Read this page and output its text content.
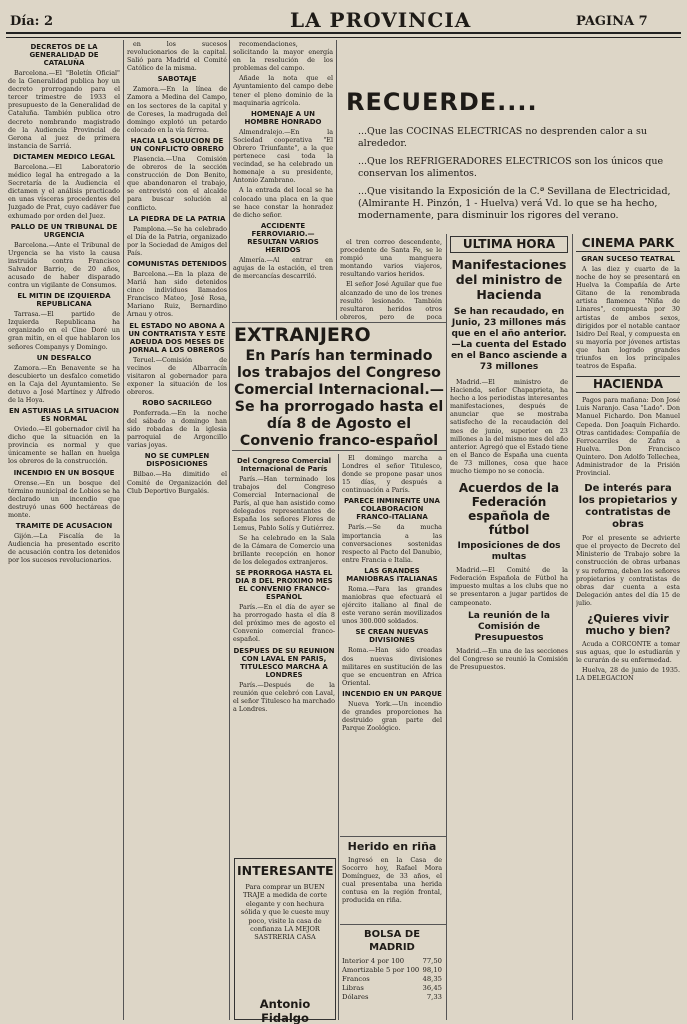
Día: 2	LA PROVINCIA	PAGINA 7
DECRETOS DE LA GENERALIDAD DE CATALUÑA

Barcelona.—El "Boletín Oficial" de la Generalidad publica hoy un decreto prorrogando para el tercer trimestre de 1933 el presupuesto de la Generalidad de Cataluña. También publica otro decreto nombrando magistrado de la Audiencia Provincial de Gerona al juez de primera instancia de Sarriá.

DICTAMEN MEDICO LEGAL

Barcelona.—El Laboratorio médico legal ha entregado a la Secretaría de la Audiencia el dictamen y el análisis practicado en unas vísceras procedentes del Juzgado de Prat, cuyo cadáver fue exhumado por orden del Juez.

PALLO DE UN TRIBUNAL DE URGENCIA

Barcelona.—Ante el Tribunal de Urgencia se ha visto la causa instruida contra Francisco Salvador Barrio, de 20 años, acusado de haber disparado contra un vigilante de Consumos.

EL MITIN DE IZQUIERDA REPUBLICANA

Tarrasa.—El partido de Izquierda Republicana ha organizado en el Cine Doré un gran mitin, en el que hablaron los señores Companys y Domingo.

UN DESFALCO

Zamora.—En Benavente se ha descubierto un desfalco cometido en la Caja del Ayuntamiento. Se detuvo a José Martínez y Alfredo de la Hoya.

EN ASTURIAS LA SITUACION ES NORMAL

Oviedo.—El gobernador civil ha dicho que la situación en la provincia es normal y que únicamente se hallan en huelga los obreros de la construcción.

INCENDIO EN UN BOSQUE

Orense.—En un bosque del término municipal de Lobios se ha declarado un incendio que destruyó unas 600 hectáreas de monte.

TRAMITE DE ACUSACION

Gijón.—La Fiscalía de la Audiencia ha presentado escrito de acusación contra los detenidos por los sucesos revolucionarios.

en los sucesos revolucionarios de la capital. Salió para Madrid el Comité Católico de la misma.

SABOTAJE

Zamora.—En la línea de Zamora a Medina del Campo, en los sectores de la capital y de Coreses, la madrugada del domingo explotó un petardo colocado en la vía férrea.

HACIA LA SOLUCION DE UN CONFLICTO OBRERO

Plasencia.—Una Comisión de obreros de la sección construcción de Don Benito, que abandonaron el trabajo, se entrevistó con el alcalde para buscar solución al conflicto.

LA PIEDRA DE LA PATRIA

Pamplona.—Se ha celebrado el Día de la Patria, organizado por la Sociedad de Amigos del País.

COMUNISTAS DETENIDOS

Barcelona.—En la plaza de Mariá han sido detenidos cinco individuos llamados Francisco Mateo, José Rosa, Mariano Ruiz, Bernardino Arnau y otros.

EL ESTADO NO ABONA A UN CONTRATISTA Y ESTE ADEUDA DOS MESES DE JORNAL A LOS OBREROS

Teruel.—Comisión de vecinos de Albarracín visitaron al gobernador para exponer la situación de los obreros.

ROBO SACRILEGO

Ponferrada.—En la noche del sábado a domingo han sido robadas de la iglesia parroquial de Argoncillo varias joyas.

NO SE CUMPLEN DISPOSICIONES

Bilbao.—Ha dimitido el Comité de Organización del Club Deportivo Burgalés.

recomendaciones, solicitando la mayor energía en la resolución de los problemas del campo.

Añade la nota que el Ayuntamiento del campo debe tener el pleno dominio de la maquinaria agrícola.

HOMENAJE A UN HOMBRE HONRADO

Almendralejo.—En la Sociedad cooperativa "El Obrero Triunfante", a la que pertenece casi toda la vecindad, se ha celebrado un homenaje a su presidente, Antonio Zambrano.

A la entrada del local se ha colocado una placa en la que se hace constar la honradez de dicho señor.

ACCIDENTE FERROVIARIO.—RESULTAN VARIOS HERIDOS

Almería.—Al entrar en agujas de la estación, el tren de mercancías descarriló.

RECUERDE....
...Que las COCINAS ELECTRICAS no desprenden calor a su alrededor.
...Que los REFRIGERADORES ELECTRICOS son los únicos que conservan los alimentos.
...Que visitando la Exposición de la C.ª Sevillana de Electricidad, (Almirante H. Pinzón, 1 - Huelva) verá Vd. lo que se ha hecho, modernamente, para disminuir los rigores del verano.

el tren correo descendente, procedente de Santa Fe, se le rompió una manguera montando varios viajeros, resultando varios heridos.

El señor José Aguilar que fue alcanzado de uno de los trenes resultó lesionado. También resultaron heridos otros obreros, pero de poca

ULTIMA HORA
Manifestaciones del ministro de Hacienda
Se han recaudado, en Junio, 23 millones más que en el año anterior.—La cuenta del Estado en el Banco asciende a 73 millones

Madrid.—El ministro de Hacienda, señor Chapaprieta, ha hecho a los periodistas interesantes manifestaciones, después de anunciar que se mostraba satisfecho de la recaudación del mes de junio, superior en 23 millones a la del mismo mes del año anterior. Agregó que el Estado tiene en el Banco de España una cuenta de 73 millones, cosa que hace mucho tiempo no se conocía.

Acuerdos de la Federación española de fútbol
Imposiciones de dos multas

Madrid.—El Comité de la Federación Española de Fútbol ha impuesto multas a los clubs que no se presentaron a jugar partidos de campeonato.

La reunión de la Comisión de Presupuestos

Madrid.—En una de las secciones del Congreso se reunió la Comisión de Presupuestos.

CINEMA PARK
GRAN SUCESO TEATRAL

A las diez y cuarto de la noche de hoy se presentará en Huelva la Compañía de Arte Gitano de la renombrada artista flamenca "Niña de Linares", compuesta por 30 artistas de ambos sexos, dirigidos por el notable cantaor Isidro Del Real, y compuesta en su mayoría por jóvenes artistas que han logrado grandes triunfos en los principales teatros de España.

HACIENDA

Pagos para mañana: Don José Luis Naranjo. Casa "Lado". Don Manuel Fichardo. Don Manuel Cepeda. Don Joaquín Fichardo. Otras cantidades: Compañía de Ferrocarriles de Zafra a Huelva. Don Francisco Quintero. Don Adolfo Tellechea, Administrador de la Prisión Provincial.

De interés para los propietarios y contratistas de obras

Por el presente se advierte que el proyecto de Decreto del Ministerio de Trabajo sobre la construcción de obras urbanas y su reforma, deben los señores propietarios y contratistas de obras dar cuenta a esta Delegación antes del día 15 de julio.

¿Quieres vivir mucho y bien?

Acuda a CORCONTE a tomar sus aguas, que lo estudiarán y le curarán de su enfermedad.

Huelva, 28 de junio de 1935. LA DELEGACION

EXTRANJERO
En París han terminado los trabajos del Congreso Comercial Internacional.—Se ha prorrogado hasta el día 8 de Agosto el Convenio franco-español
Del Congreso Comercial Internacional de París

París.—Han terminado los trabajos del Congreso Comercial Internacional de París, al que han asistido como delegados representantes de España los señores Flores de Lemus, Pablo Solís y Gutiérrez.

Se ha celebrado en la Sala de la Cámara de Comercio una brillante recepción en honor de los delegados extranjeros.

SE PRORROGA HASTA EL DIA 8 DEL PROXIMO MES EL CONVENIO FRANCO-ESPAÑOL

París.—En el día de ayer se ha prorrogado hasta el día 8 del próximo mes de agosto el Convenio comercial franco-español.

DESPUES DE SU REUNION CON LAVAL EN PARIS, TITULESCO MARCHA A LONDRES

París.—Después de la reunión que celebró con Laval, el señor Titulesco ha marchado a Londres.

El domingo marcha a Londres el señor Titulesco, donde se propone pasar unos 15 días, y después a continuación a París.

PARECE INMINENTE UNA COLABORACION FRANCO-ITALIANA

París.—Se da mucha importancia a las conversaciones sostenidas respecto al Pacto del Danubio, entre Francia e Italia.

LAS GRANDES MANIOBRAS ITALIANAS

Roma.—Para las grandes maniobras que efectuará el ejército italiano al final de este verano serán movilizados unos 300.000 soldados.

SE CREAN NUEVAS DIVISIONES

Roma.—Han sido creadas dos nuevas divisiones militares en sustitución de las que se encuentran en Africa Oriental.

INCENDIO EN UN PARQUE

Nueva York.—Un incendio de grandes proporciones ha destruido gran parte del Parque Zoológico.

Herido en riña

Ingresó en la Casa de Socorro hoy, Rafael Mora Domínguez, de 33 años, el cual presentaba una herida contusa en la región frontal, producida en riña.

INTERESANTE
Para comprar un BUEN TRAJE a medida de corte elegante y con hechura sólida y que le cueste muy poco, visite la casa de confianza LA MEJOR SASTRERIA CASA
Antonio Fidalgo
BOLSA DE MADRID
Interior 4 por 100	77,50
Amortizable 5 por 100 98,10
Francos	48,35
Libras	36,45
Dólares	7,33
